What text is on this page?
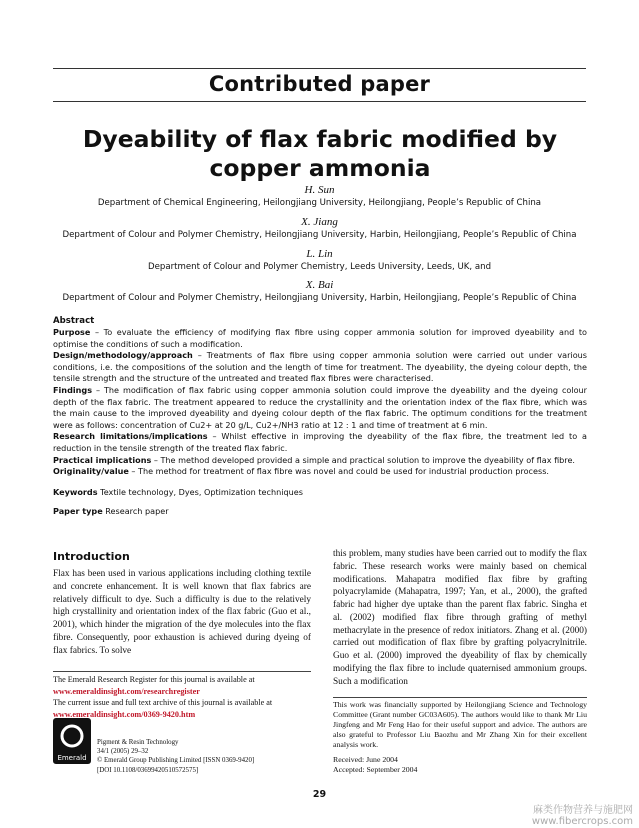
Contributed paper
Dyeability of flax fabric modified by copper ammonia
H. Sun
Department of Chemical Engineering, Heilongjiang University, Heilongjiang, People’s Republic of China
X. Jiang
Department of Colour and Polymer Chemistry, Heilongjiang University, Harbin, Heilongjiang, People’s Republic of China
L. Lin
Department of Colour and Polymer Chemistry, Leeds University, Leeds, UK, and
X. Bai
Department of Colour and Polymer Chemistry, Heilongjiang University, Harbin, Heilongjiang, People’s Republic of China
Abstract
Purpose – To evaluate the efficiency of modifying flax fibre using copper ammonia solution for improved dyeability and to optimise the conditions of such a modification.
Design/methodology/approach – Treatments of flax fibre using copper ammonia solution were carried out under various conditions, i.e. the compositions of the solution and the length of time for treatment. The dyeability, the dyeing colour depth, the tensile strength and the structure of the untreated and treated flax fibres were characterised.
Findings – The modification of flax fabric using copper ammonia solution could improve the dyeability and the dyeing colour depth of the flax fabric. The treatment appeared to reduce the crystallinity and the orientation index of the flax fibre, which was the main cause to the improved dyeability and dyeing colour depth of the flax fabric. The optimum conditions for the treatment were as follows: concentration of Cu2+ at 20 g/L, Cu2+/NH3 ratio at 12 : 1 and time of treatment at 6 min.
Research limitations/implications – Whilst effective in improving the dyeability of the flax fibre, the treatment led to a reduction in the tensile strength of the treated flax fabric.
Practical implications – The method developed provided a simple and practical solution to improve the dyeability of flax fibre.
Originality/value – The method for treatment of flax fibre was novel and could be used for industrial production process.
Keywords Textile technology, Dyes, Optimization techniques
Paper type Research paper
Introduction
Flax has been used in various applications including clothing textile and concrete enhancement. It is well known that flax fabrics are relatively difficult to dye. Such a difficulty is due to the relatively high crystallinity and orientation index of the flax fabric (Guo et al., 2001), which hinder the migration of the dye molecules into the flax fibre. Consequently, poor exhaustion is achieved during dyeing of flax fabrics. To solve
this problem, many studies have been carried out to modify the flax fabric. These research works were mainly based on chemical modifications. Mahapatra modified flax fibre by grafting polyacrylamide (Mahapatra, 1997; Yan, et al., 2000), the grafted fabric had higher dye uptake than the parent flax fabric. Singha et al. (2002) modified flax fibre through grafting of methyl methacrylate in the presence of redox initiators. Zhang et al. (2000) carried out modification of flax fibre by grafting polyacrylnitrile. Guo et al. (2000) improved the dyeability of flax by chemically modifying the flax fibre to include quaternised ammonium groups. Such a modification
The Emerald Research Register for this journal is available at
www.emeraldinsight.com/researchregister
The current issue and full text archive of this journal is available at
www.emeraldinsight.com/0369-9420.htm
Emerald
Pigment & Resin Technology
34/1 (2005) 29–32
© Emerald Group Publishing Limited [ISSN 0369-9420]
[DOI 10.1108/03699420510572575]
This work was financially supported by Heilongjiang Science and Technology Committee (Grant number GC03A605). The authors would like to thank Mr Liu Jingfeng and Mr Feng Hao for their useful support and advice. The authors are also grateful to Professor Liu Baozhu and Mr Zhang Xin for their excellent analysis work.
Received: June 2004
Accepted: September 2004
29
麻类作物营养与施肥网
www.fibercrops.com
